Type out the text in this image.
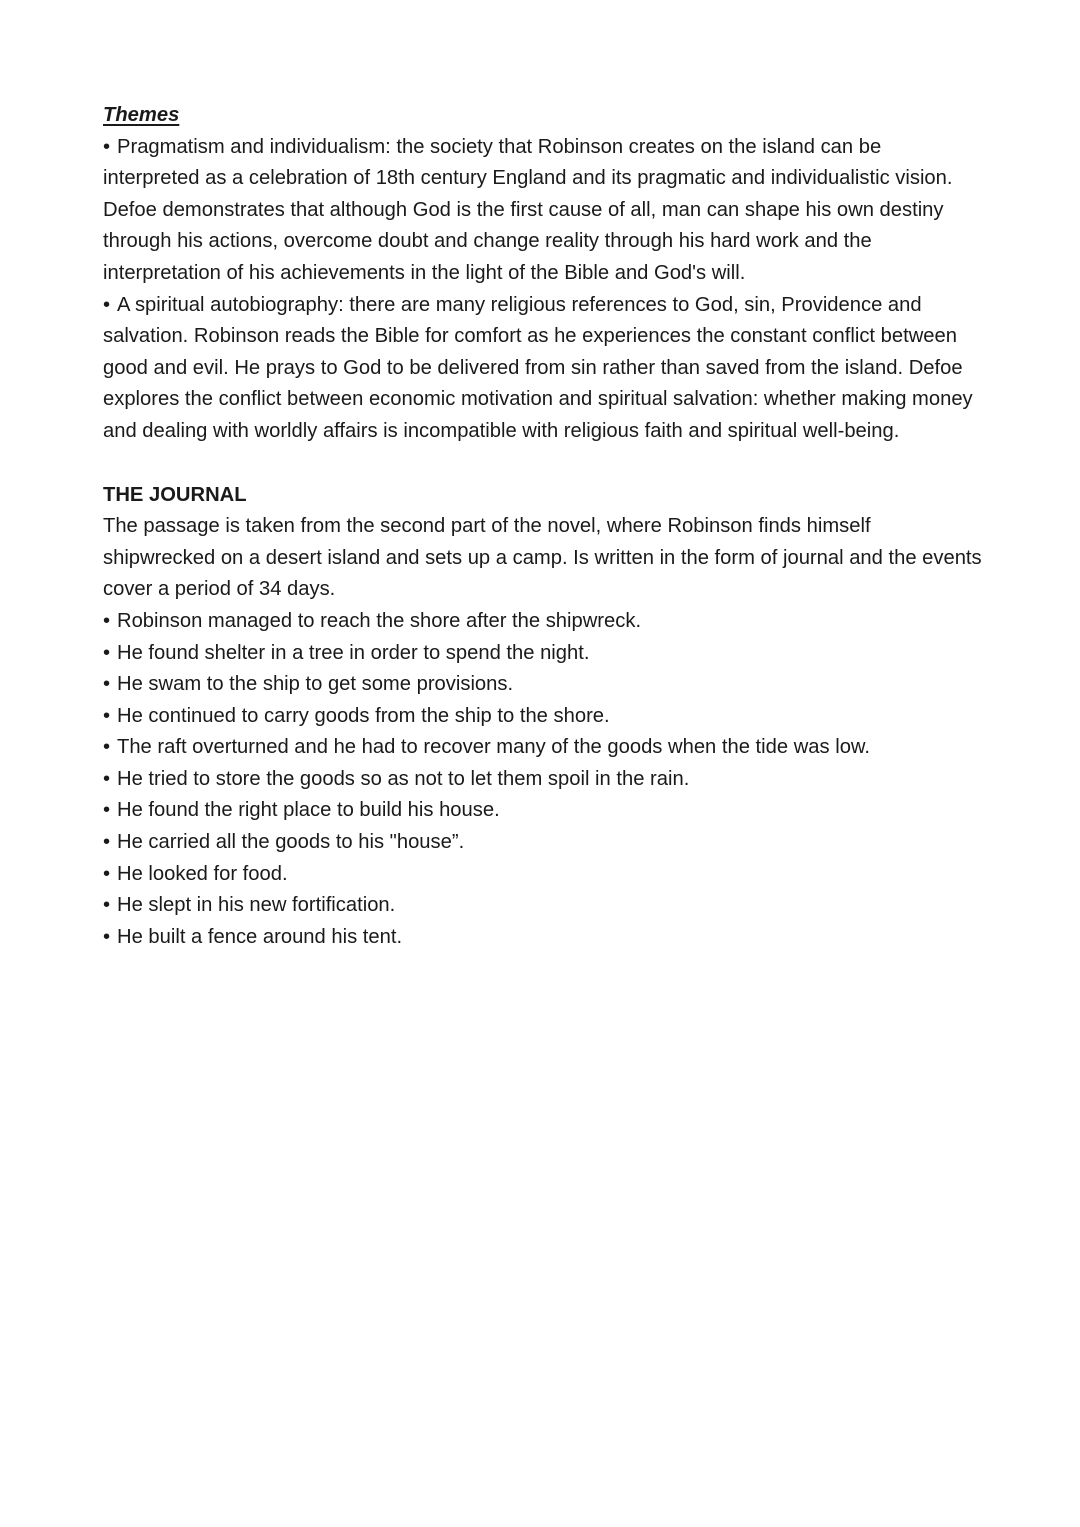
Themes

• Pragmatism and individualism: the society that Robinson creates on the island can be interpreted as a celebration of 18th century England and its pragmatic and individualistic vision. Defoe demonstrates that although God is the first cause of all, man can shape his own destiny through his actions, overcome doubt and change reality through his hard work and the interpretation of his achievements in the light of the Bible and God's will.

• A spiritual autobiography: there are many religious references to God, sin, Providence and salvation. Robinson reads the Bible for comfort as he experiences the constant conflict between good and evil. He prays to God to be delivered from sin rather than saved from the island. Defoe explores the conflict between economic motivation and spiritual salvation: whether making money and dealing with worldly affairs is incompatible with religious faith and spiritual well-being.

THE JOURNAL

The passage is taken from the second part of the novel, where Robinson finds himself shipwrecked on a desert island and sets up a camp. Is written in the form of journal and the events cover a period of 34 days.

• Robinson managed to reach the shore after the shipwreck.
• He found shelter in a tree in order to spend the night.
• He swam to the ship to get some provisions.
• He continued to carry goods from the ship to the shore.
• The raft overturned and he had to recover many of the goods when the tide was low.
• He tried to store the goods so as not to let them spoil in the rain.
• He found the right place to build his house.
• He carried all the goods to his "house”.
• He looked for food.
• He slept in his new fortification.
• He built a fence around his tent.
